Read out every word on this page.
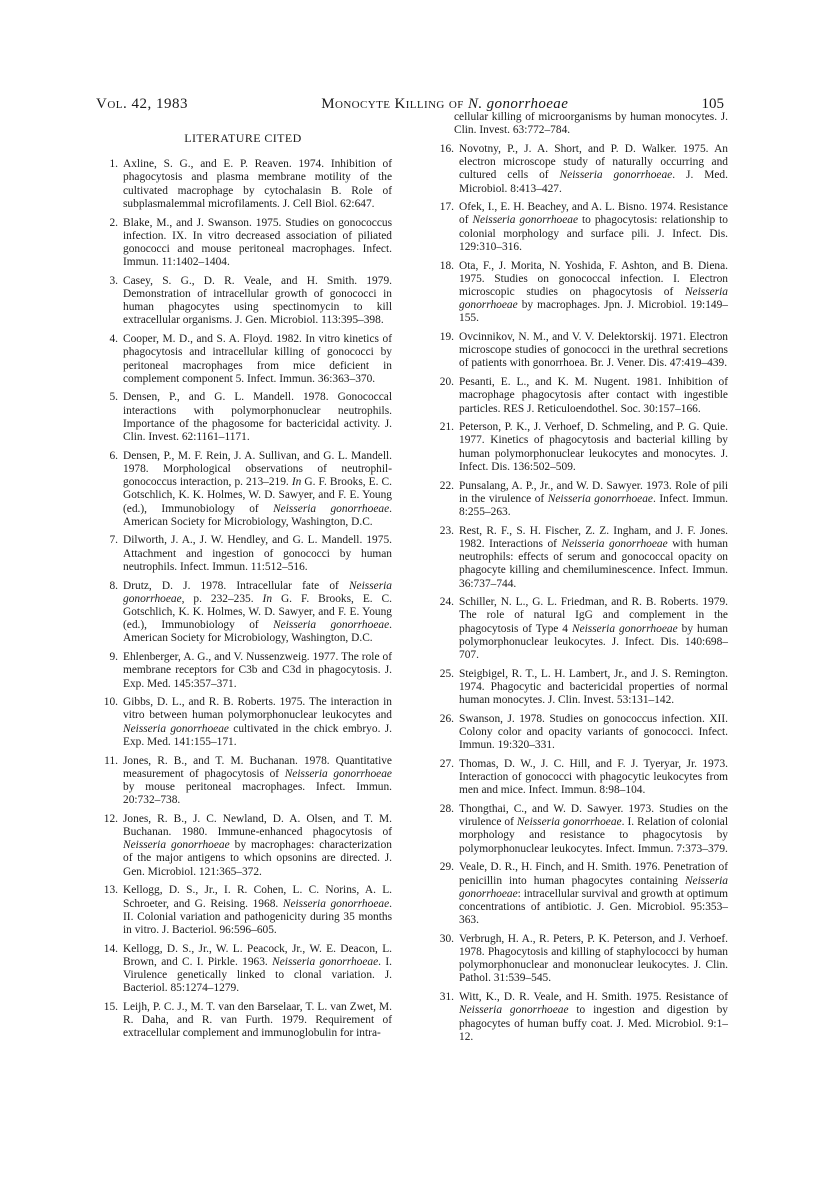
Vol. 42, 1983	Monocyte Killing of N. gonorrhoeae	105
LITERATURE CITED
1. Axline, S. G., and E. P. Reaven. 1974. Inhibition of phagocytosis and plasma membrane motility of the cultivated macrophage by cytochalasin B. Role of subplasmalemmal microfilaments. J. Cell Biol. 62:647.
2. Blake, M., and J. Swanson. 1975. Studies on gonococcus infection. IX. In vitro decreased association of piliated gonococci and mouse peritoneal macrophages. Infect. Immun. 11:1402–1404.
3. Casey, S. G., D. R. Veale, and H. Smith. 1979. Demonstration of intracellular growth of gonococci in human phagocytes using spectinomycin to kill extracellular organisms. J. Gen. Microbiol. 113:395–398.
4. Cooper, M. D., and S. A. Floyd. 1982. In vitro kinetics of phagocytosis and intracellular killing of gonococci by peritoneal macrophages from mice deficient in complement component 5. Infect. Immun. 36:363–370.
5. Densen, P., and G. L. Mandell. 1978. Gonococcal interactions with polymorphonuclear neutrophils. Importance of the phagosome for bactericidal activity. J. Clin. Invest. 62:1161–1171.
6. Densen, P., M. F. Rein, J. A. Sullivan, and G. L. Mandell. 1978. Morphological observations of neutrophil-gonococcus interaction, p. 213–219. In G. F. Brooks, E. C. Gotschlich, K. K. Holmes, W. D. Sawyer, and F. E. Young (ed.), Immunobiology of Neisseria gonorrhoeae. American Society for Microbiology, Washington, D.C.
7. Dilworth, J. A., J. W. Hendley, and G. L. Mandell. 1975. Attachment and ingestion of gonococci by human neutrophils. Infect. Immun. 11:512–516.
8. Drutz, D. J. 1978. Intracellular fate of Neisseria gonorrhoeae, p. 232–235. In G. F. Brooks, E. C. Gotschlich, K. K. Holmes, W. D. Sawyer, and F. E. Young (ed.), Immunobiology of Neisseria gonorrhoeae. American Society for Microbiology, Washington, D.C.
9. Ehlenberger, A. G., and V. Nussenzweig. 1977. The role of membrane receptors for C3b and C3d in phagocytosis. J. Exp. Med. 145:357–371.
10. Gibbs, D. L., and R. B. Roberts. 1975. The interaction in vitro between human polymorphonuclear leukocytes and Neisseria gonorrhoeae cultivated in the chick embryo. J. Exp. Med. 141:155–171.
11. Jones, R. B., and T. M. Buchanan. 1978. Quantitative measurement of phagocytosis of Neisseria gonorrhoeae by mouse peritoneal macrophages. Infect. Immun. 20:732–738.
12. Jones, R. B., J. C. Newland, D. A. Olsen, and T. M. Buchanan. 1980. Immune-enhanced phagocytosis of Neisseria gonorrhoeae by macrophages: characterization of the major antigens to which opsonins are directed. J. Gen. Microbiol. 121:365–372.
13. Kellogg, D. S., Jr., I. R. Cohen, L. C. Norins, A. L. Schroeter, and G. Reising. 1968. Neisseria gonorrhoeae. II. Colonial variation and pathogenicity during 35 months in vitro. J. Bacteriol. 96:596–605.
14. Kellogg, D. S., Jr., W. L. Peacock, Jr., W. E. Deacon, L. Brown, and C. I. Pirkle. 1963. Neisseria gonorrhoeae. I. Virulence genetically linked to clonal variation. J. Bacteriol. 85:1274–1279.
15. Leijh, P. C. J., M. T. van den Barselaar, T. L. van Zwet, M. R. Daha, and R. van Furth. 1979. Requirement of extracellular complement and immunoglobulin for intra-
cellular killing of microorganisms by human monocytes. J. Clin. Invest. 63:772–784.
16. Novotny, P., J. A. Short, and P. D. Walker. 1975. An electron microscope study of naturally occurring and cultured cells of Neisseria gonorrhoeae. J. Med. Microbiol. 8:413–427.
17. Ofek, I., E. H. Beachey, and A. L. Bisno. 1974. Resistance of Neisseria gonorrhoeae to phagocytosis: relationship to colonial morphology and surface pili. J. Infect. Dis. 129:310–316.
18. Ota, F., J. Morita, N. Yoshida, F. Ashton, and B. Diena. 1975. Studies on gonococcal infection. I. Electron microscopic studies on phagocytosis of Neisseria gonorrhoeae by macrophages. Jpn. J. Microbiol. 19:149–155.
19. Ovcinnikov, N. M., and V. V. Delektorskij. 1971. Electron microscope studies of gonococci in the urethral secretions of patients with gonorrhoea. Br. J. Vener. Dis. 47:419–439.
20. Pesanti, E. L., and K. M. Nugent. 1981. Inhibition of macrophage phagocytosis after contact with ingestible particles. RES J. Reticuloendothel. Soc. 30:157–166.
21. Peterson, P. K., J. Verhoef, D. Schmeling, and P. G. Quie. 1977. Kinetics of phagocytosis and bacterial killing by human polymorphonuclear leukocytes and monocytes. J. Infect. Dis. 136:502–509.
22. Punsalang, A. P., Jr., and W. D. Sawyer. 1973. Role of pili in the virulence of Neisseria gonorrhoeae. Infect. Immun. 8:255–263.
23. Rest, R. F., S. H. Fischer, Z. Z. Ingham, and J. F. Jones. 1982. Interactions of Neisseria gonorrhoeae with human neutrophils: effects of serum and gonococcal opacity on phagocyte killing and chemiluminescence. Infect. Immun. 36:737–744.
24. Schiller, N. L., G. L. Friedman, and R. B. Roberts. 1979. The role of natural IgG and complement in the phagocytosis of Type 4 Neisseria gonorrhoeae by human polymorphonuclear leukocytes. J. Infect. Dis. 140:698–707.
25. Steigbigel, R. T., L. H. Lambert, Jr., and J. S. Remington. 1974. Phagocytic and bactericidal properties of normal human monocytes. J. Clin. Invest. 53:131–142.
26. Swanson, J. 1978. Studies on gonococcus infection. XII. Colony color and opacity variants of gonococci. Infect. Immun. 19:320–331.
27. Thomas, D. W., J. C. Hill, and F. J. Tyeryar, Jr. 1973. Interaction of gonococci with phagocytic leukocytes from men and mice. Infect. Immun. 8:98–104.
28. Thongthai, C., and W. D. Sawyer. 1973. Studies on the virulence of Neisseria gonorrhoeae. I. Relation of colonial morphology and resistance to phagocytosis by polymorphonuclear leukocytes. Infect. Immun. 7:373–379.
29. Veale, D. R., H. Finch, and H. Smith. 1976. Penetration of penicillin into human phagocytes containing Neisseria gonorrhoeae: intracellular survival and growth at optimum concentrations of antibiotic. J. Gen. Microbiol. 95:353–363.
30. Verbrugh, H. A., R. Peters, P. K. Peterson, and J. Verhoef. 1978. Phagocytosis and killing of staphylococci by human polymorphonuclear and mononuclear leukocytes. J. Clin. Pathol. 31:539–545.
31. Witt, K., D. R. Veale, and H. Smith. 1975. Resistance of Neisseria gonorrhoeae to ingestion and digestion by phagocytes of human buffy coat. J. Med. Microbiol. 9:1–12.
